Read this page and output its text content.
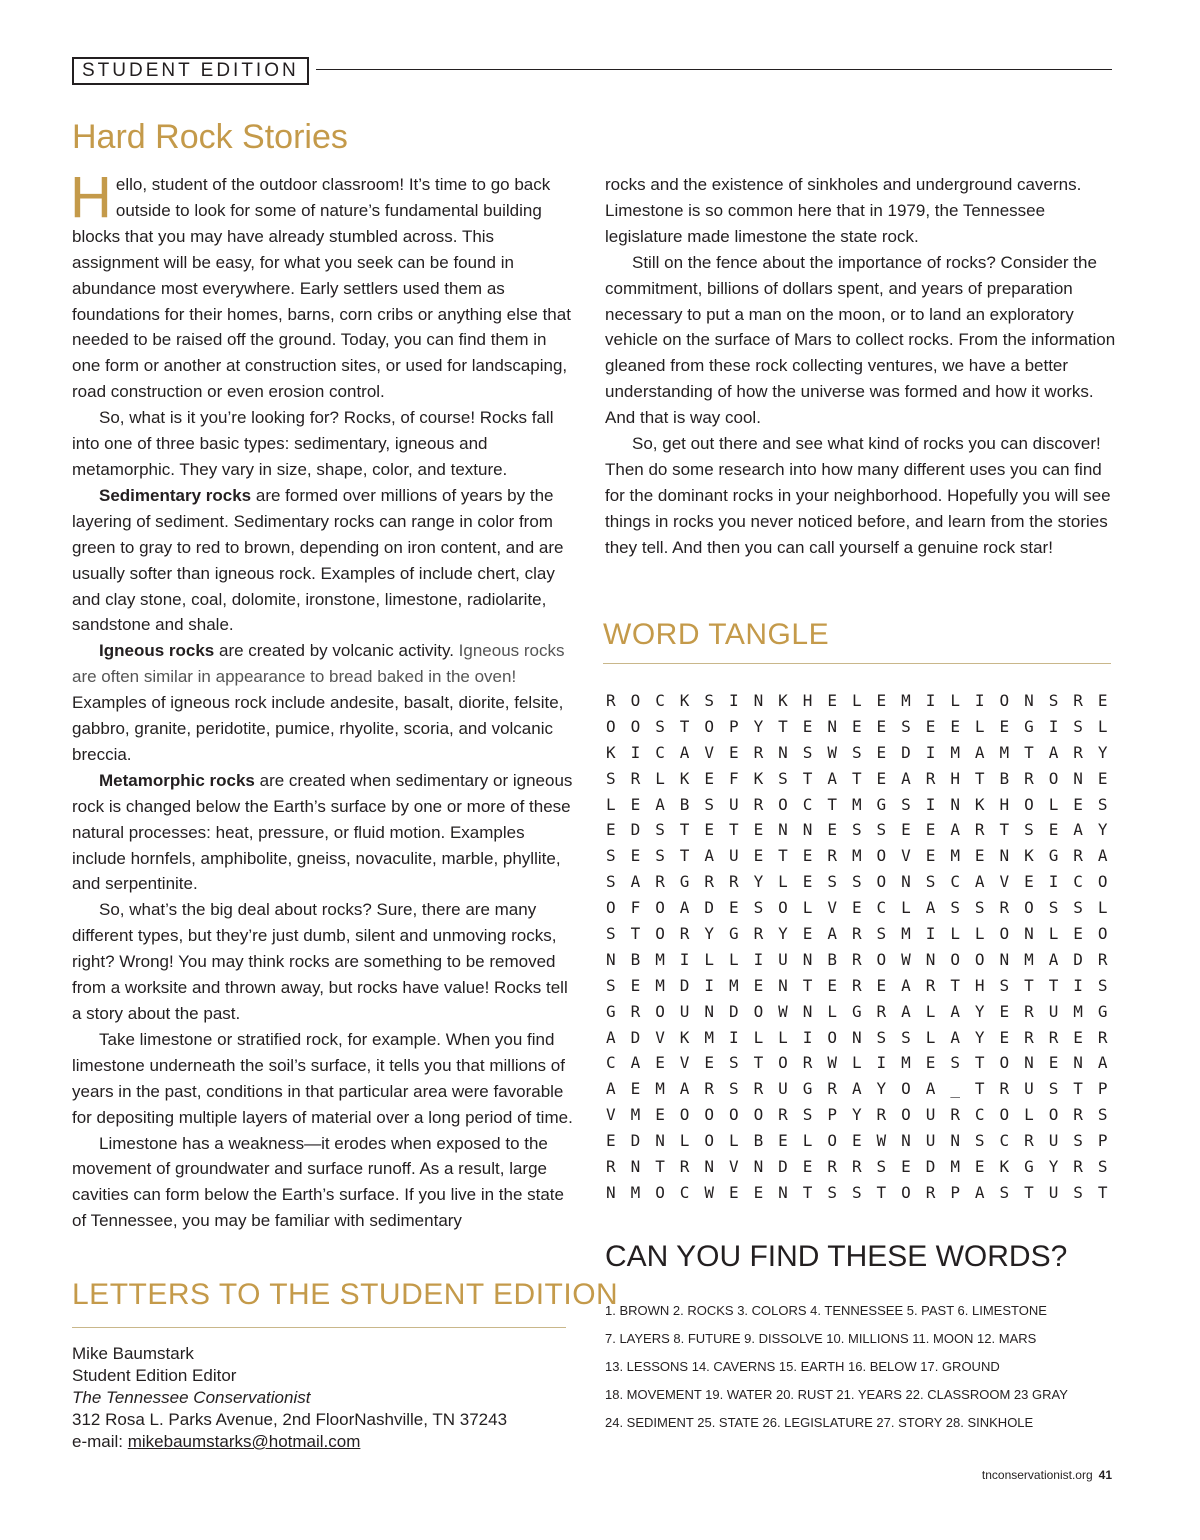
STUDENT EDITION
Hard Rock Stories

Hello, student of the outdoor classroom! It’s time to go back outside to look for some of nature’s fundamental building blocks that you may have already stumbled across. This assignment will be easy, for what you seek can be found in abundance most everywhere. Early settlers used them as foundations for their homes, barns, corn cribs or anything else that needed to be raised off the ground. Today, you can find them in one form or another at construction sites, or used for landscaping, road construction or even erosion control.

So, what is it you’re looking for? Rocks, of course! Rocks fall into one of three basic types: sedimentary, igneous and metamorphic. They vary in size, shape, color, and texture.

Sedimentary rocks are formed over millions of years by the layering of sediment. Sedimentary rocks can range in color from green to gray to red to brown, depending on iron content, and are usually softer than igneous rock. Examples of include chert, clay and clay stone, coal, dolomite, ironstone, limestone, radiolarite, sandstone and shale.

Igneous rocks are created by volcanic activity. Igneous rocks are often similar in appearance to bread baked in the oven! Examples of igneous rock include andesite, basalt, diorite, felsite, gabbro, granite, peridotite, pumice, rhyolite, scoria, and volcanic breccia.

Metamorphic rocks are created when sedimentary or igneous rock is changed below the Earth’s surface by one or more of these natural processes: heat, pressure, or fluid motion. Examples include hornfels, amphibolite, gneiss, novaculite, marble, phyllite, and serpentinite.

So, what’s the big deal about rocks? Sure, there are many different types, but they’re just dumb, silent and unmoving rocks, right? Wrong! You may think rocks are something to be removed from a worksite and thrown away, but rocks have value! Rocks tell a story about the past.

Take limestone or stratified rock, for example. When you find limestone underneath the soil’s surface, it tells you that millions of years in the past, conditions in that particular area were favorable for depositing multiple layers of material over a long period of time.

Limestone has a weakness—it erodes when exposed to the movement of groundwater and surface runoff. As a result, large cavities can form below the Earth’s surface. If you live in the state of Tennessee, you may be familiar with sedimentary

rocks and the existence of sinkholes and underground caverns. Limestone is so common here that in 1979, the Tennessee legislature made limestone the state rock.

Still on the fence about the importance of rocks? Consider the commitment, billions of dollars spent, and years of preparation necessary to put a man on the moon, or to land an exploratory vehicle on the surface of Mars to collect rocks. From the information gleaned from these rock collecting ventures, we have a better understanding of how the universe was formed and how it works. And that is way cool.

So, get out there and see what kind of rocks you can discover! Then do some research into how many different uses you can find for the dominant rocks in your neighborhood. Hopefully you will see things in rocks you never noticed before, and learn from the stories they tell. And then you can call yourself a genuine rock star!

WORD TANGLE
R O C K S I N K H E L E M I L I O N S R E
O O S T O P Y T E N E E S E E L E G I S L
K I C A V E R N S W S E D I M A M T A R Y
S R L K E F K S T A T E A R H T B R O N E
L E A B S U R O C T M G S I N K H O L E S
E D S T E T E N N E S S E E A R T S E A Y
S E S T A U E T E R M O V E M E N K G R A
S A R G R R Y L E S S O N S C A V E I C O
O F O A D E S O L V E C L A S S R O S S L
S T O R Y G R Y E A R S M I L L O N L E O
N B M I L L I U N B R O W N O O N M A D R
S E M D I M E N T E R E A R T H S T T I S
G R O U N D O W N L G R A L A Y E R U M G
A D V K M I L L I O N S S L A Y E R R E R
C A E V E S T O R W L I M E S T O N E N A
A E M A R S R U G R A Y O A _ T R U S T P
V M E O O O O R S P Y R O U R C O L O R S
E D N L O L B E L O E W N U N S C R U S P
R N T R N V N D E R R S E D M E K G Y R S
N M O C W E E N T S S T O R P A S T U S T
CAN YOU FIND THESE WORDS?
1. BROWN 2. ROCKS 3. COLORS 4. TENNESSEE 5. PAST 6. LIMESTONE
7. LAYERS 8. FUTURE 9. DISSOLVE 10. MILLIONS 11. MOON 12. MARS
13. LESSONS 14. CAVERNS 15. EARTH 16. BELOW 17. GROUND
18. MOVEMENT 19. WATER 20. RUST 21. YEARS 22. CLASSROOM 23 GRAY
24. SEDIMENT 25. STATE 26. LEGISLATURE 27. STORY 28. SINKHOLE
LETTERS TO THE STUDENT EDITION
Mike Baumstark
Student Edition Editor
The Tennessee Conservationist
312 Rosa L. Parks Avenue, 2nd FloorNashville, TN 37243
e-mail: mikebaumstarks@hotmail.com
tnconservationist.org 41
